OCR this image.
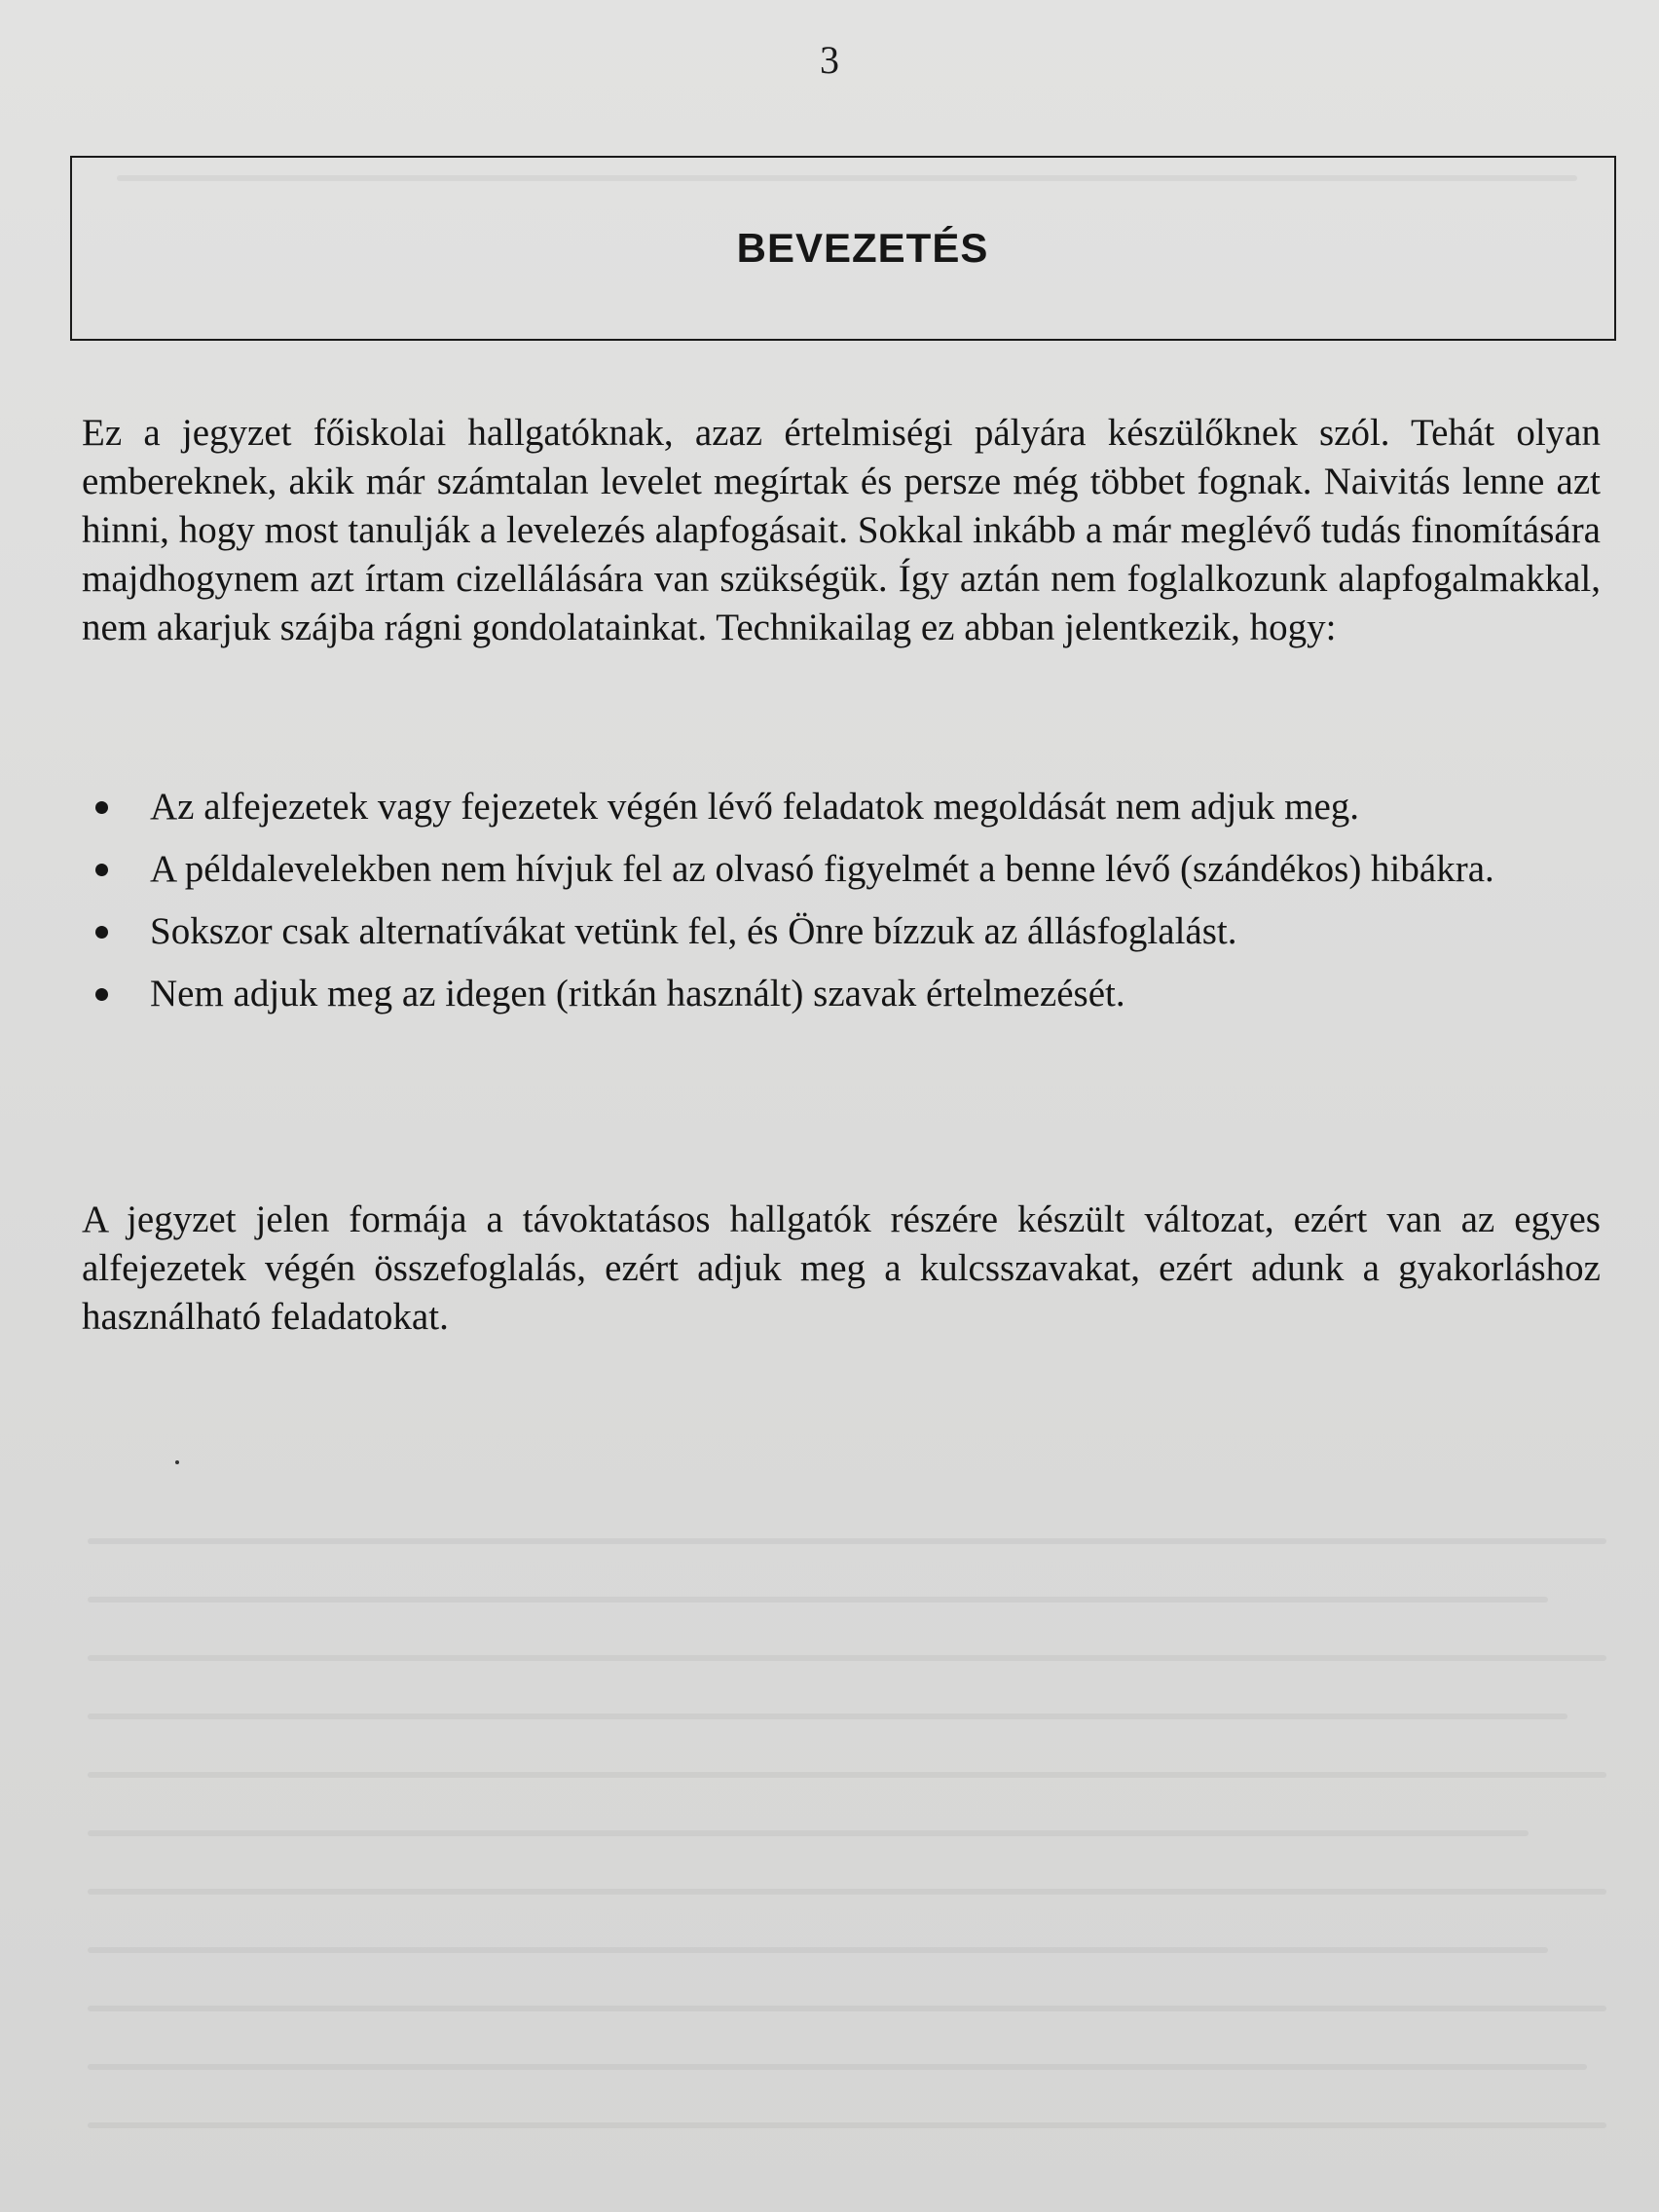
3
BEVEZETÉS

Ez a jegyzet főiskolai hallgatóknak, azaz értelmiségi pályára készülőknek szól. Tehát olyan embereknek, akik már számtalan levelet megírtak és persze még többet fognak. Naivitás lenne azt hinni, hogy most tanulják a levelezés alapfogásait. Sokkal inkább a már meglévő tudás finomítására majdhogynem azt írtam cizellálására van szükségük. Így aztán nem foglalkozunk alapfogalmakkal, nem akarjuk szájba rágni gondolatainkat. Technikailag ez abban jelentkezik, hogy:

Az alfejezetek vagy fejezetek végén lévő feladatok megoldását nem adjuk meg.
A példalevelekben nem hívjuk fel az olvasó figyelmét a benne lévő (szándékos) hibákra.
Sokszor csak alternatívákat vetünk fel, és Önre bízzuk az állásfoglalást.
Nem adjuk meg az idegen (ritkán használt) szavak értelmezését.

A jegyzet jelen formája a távoktatásos hallgatók részére készült változat, ezért van az egyes alfejezetek végén összefoglalás, ezért adjuk meg a kulcsszavakat, ezért adunk a gyakorláshoz használható feladatokat.
